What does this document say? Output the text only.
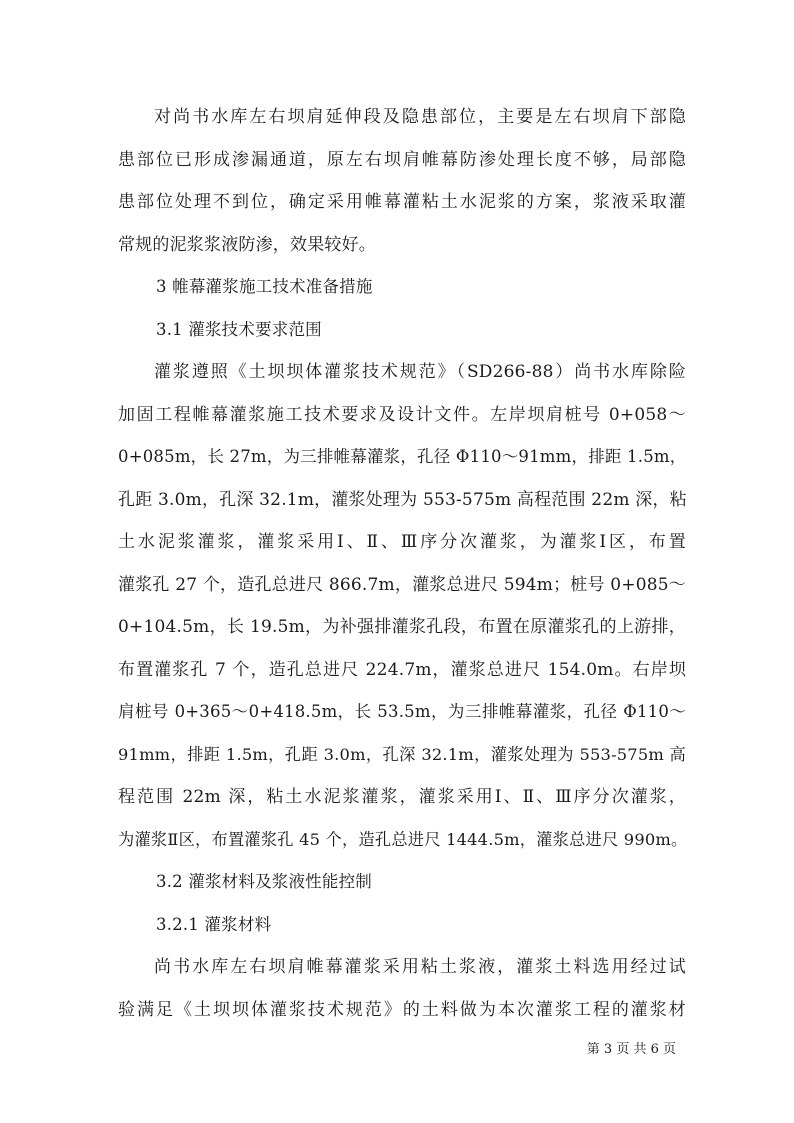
对尚书水库左右坝肩延伸段及隐患部位，主要是左右坝肩下部隐
患部位已形成渗漏通道，原左右坝肩帷幕防渗处理长度不够，局部隐
患部位处理不到位，确定采用帷幕灌粘土水泥浆的方案，浆液采取灌
常规的泥浆浆液防渗，效果较好。
3 帷幕灌浆施工技术准备措施
3.1 灌浆技术要求范围
灌浆遵照《土坝坝体灌浆技术规范》（SD266-88）尚书水库除险
加固工程帷幕灌浆施工技术要求及设计文件。左岸坝肩桩号 0+058～
0+085m，长 27m，为三排帷幕灌浆，孔径 Φ110～91mm，排距 1.5m，
孔距 3.0m，孔深 32.1m，灌浆处理为 553-575m 高程范围 22m 深，粘
土水泥浆灌浆，灌浆采用Ⅰ、Ⅱ、Ⅲ序分次灌浆，为灌浆Ⅰ区，布置
灌浆孔 27 个，造孔总进尺 866.7m，灌浆总进尺 594m；桩号 0+085～
0+104.5m，长 19.5m，为补强排灌浆孔段，布置在原灌浆孔的上游排，
布置灌浆孔 7 个，造孔总进尺 224.7m，灌浆总进尺 154.0m。右岸坝
肩桩号 0+365～0+418.5m，长 53.5m，为三排帷幕灌浆，孔径 Φ110～
91mm，排距 1.5m，孔距 3.0m，孔深 32.1m，灌浆处理为 553-575m 高
程范围 22m 深，粘土水泥浆灌浆，灌浆采用Ⅰ、Ⅱ、Ⅲ序分次灌浆，
为灌浆Ⅱ区，布置灌浆孔 45 个，造孔总进尺 1444.5m，灌浆总进尺 990m。
3.2 灌浆材料及浆液性能控制
3.2.1 灌浆材料
尚书水库左右坝肩帷幕灌浆采用粘土浆液，灌浆土料选用经过试
验满足《土坝坝体灌浆技术规范》的土料做为本次灌浆工程的灌浆材
第 3 页 共 6 页
